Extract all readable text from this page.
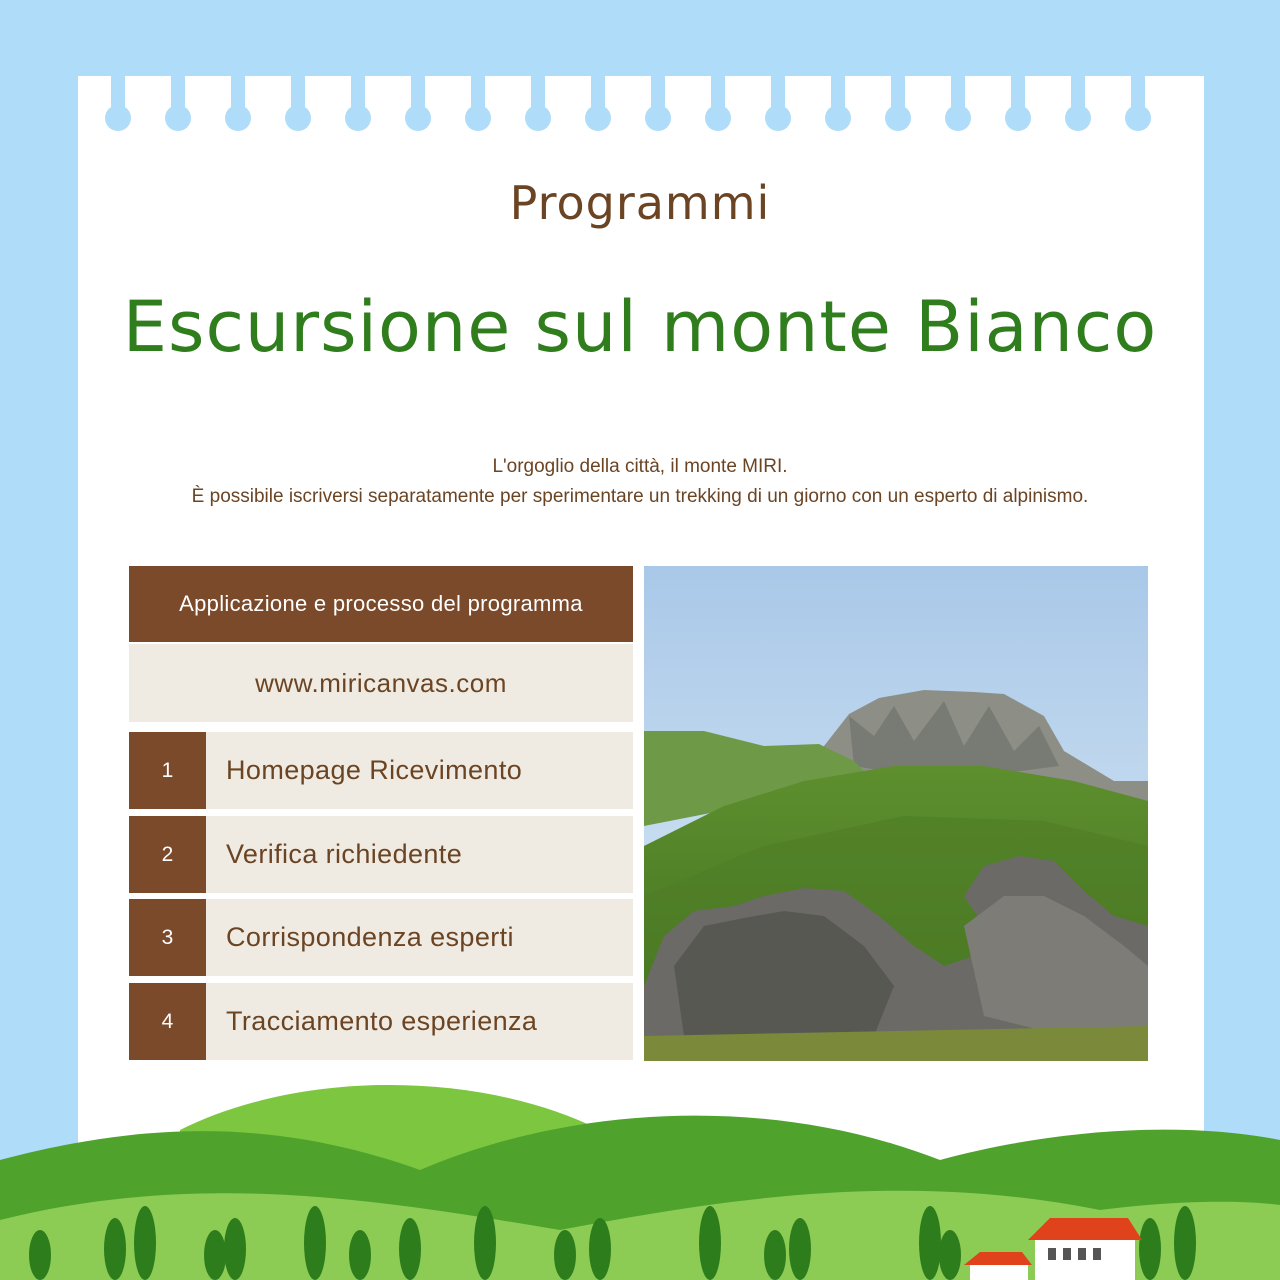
Programmi
Escursione sul monte Bianco
L'orgoglio della città, il monte MIRI.
È possibile iscriversi separatamente per sperimentare un trekking di un giorno con un esperto di alpinismo.
Applicazione e processo del programma
www.miricanvas.com
1	Homepage Ricevimento
2	Verifica richiedente
3	Corrispondenza esperti
4	Tracciamento esperienza
